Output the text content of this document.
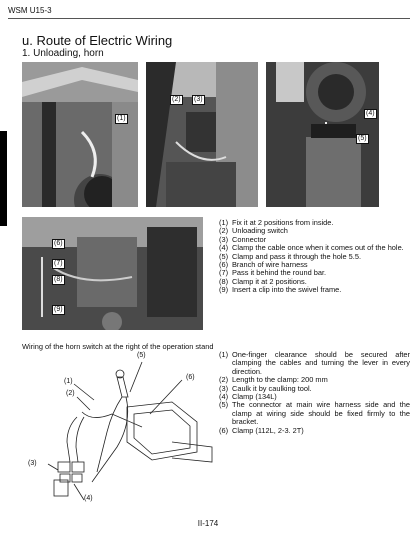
WSM U15-3
u. Route of Electric Wiring
1. Unloading, horn
(1)
(2) (3)
(4)
(5)
(6)
(7)
(8)
(9)
(1) Fix it at 2 positions from inside.
(2) Unloading switch
(3) Connector
(4) Clamp the cable once when it comes out of the hole.
(5) Clamp and pass it through the hole 5.5.
(6) Branch of wire harness
(7) Pass it behind the round bar.
(8) Clamp it at 2 positions.
(9) Insert a clip into the swivel frame.
Wiring of the horn switch at the right of the operation stand
(5)
(1)
(6)
(2)
(3)
(4)
(1) One-finger clearance should be secured after clamping the cables and turning the lever in every direction.
(2) Length to the clamp: 200 mm
(3) Caulk it by caulking tool.
(4) Clamp (134L)
(5) The connector at main wire harness side and the clamp at wiring side should be fixed firmly to the bracket.
(6) Clamp (112L, 2-3. 2T)
II-174
